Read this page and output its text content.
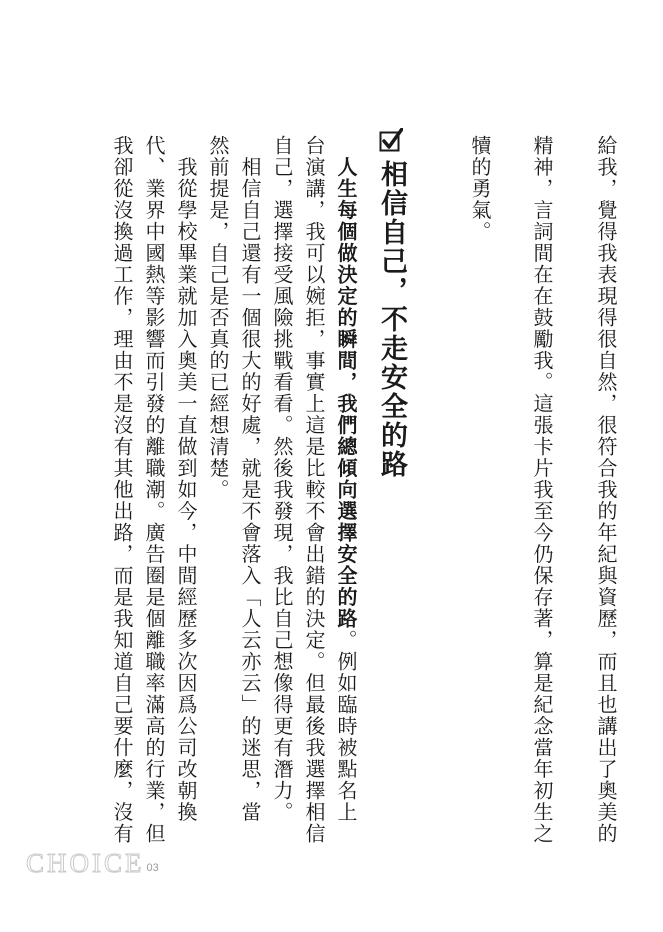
給我，覺得我表現得很自然，很符合我的年紀與資歷，而且也講出了奧美的
精神，言詞間在在鼓勵我。這張卡片我至今仍保存著，算是紀念當年初生之
犢的勇氣。
相信自己，不走安全的路
　人生每個做決定的瞬間，我們總傾向選擇安全的路。例如臨時被點名上
台演講，我可以婉拒，事實上這是比較不會出錯的決定。但最後我選擇相信
自己，選擇接受風險挑戰看看。然後我發現，我比自己想像得更有潛力。
　相信自己還有一個很大的好處，就是不會落入「人云亦云」的迷思，當
然前提是，自己是否真的已經想清楚。
　我從學校畢業就加入奧美一直做到如今，中間經歷多次因爲公司改朝換
代、業界中國熱等影響而引發的離職潮。廣告圈是個離職率滿高的行業，但
我卻從沒換過工作，理由不是沒有其他出路，而是我知道自己要什麼，沒有
CHOICE 03
